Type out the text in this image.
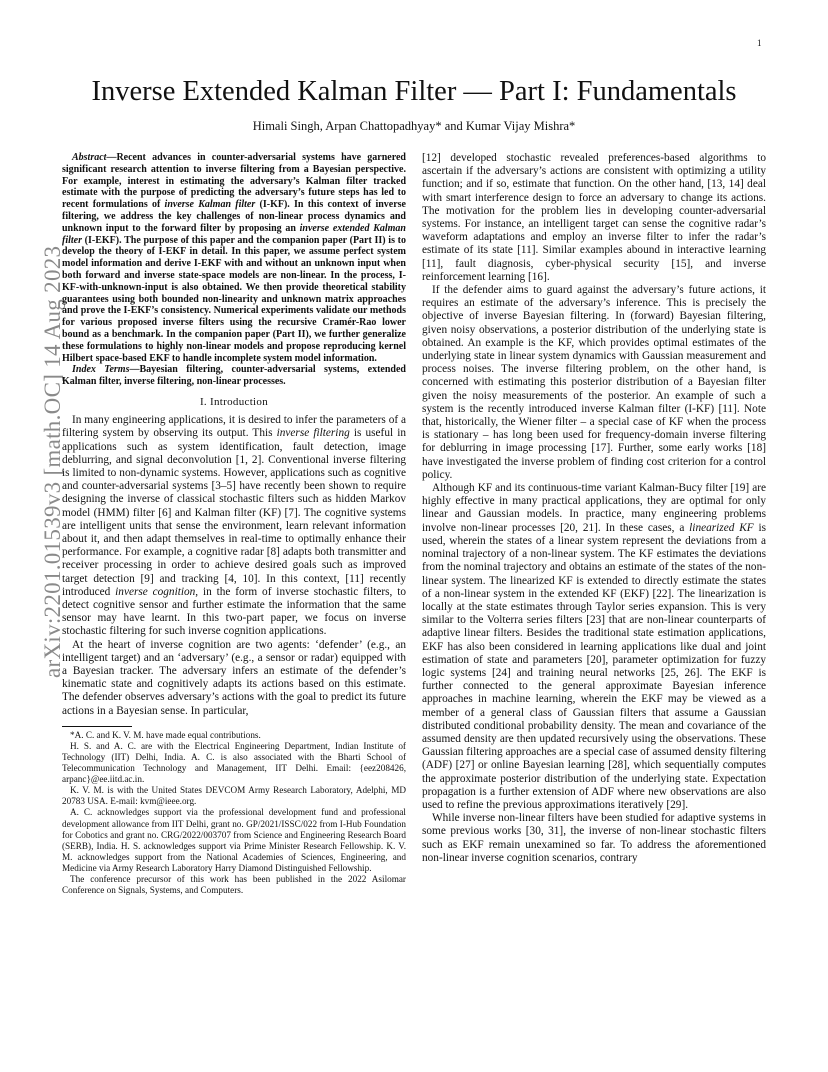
1
arXiv:2201.01539v3 [math.OC] 14 Aug 2023
Inverse Extended Kalman Filter — Part I: Fundamentals
Himali Singh, Arpan Chattopadhyay* and Kumar Vijay Mishra*

Abstract—Recent advances in counter-adversarial systems have garnered significant research attention to inverse filtering from a Bayesian perspective. For example, interest in estimating the adversary’s Kalman filter tracked estimate with the purpose of predicting the adversary’s future steps has led to recent formulations of inverse Kalman filter (I-KF). In this context of inverse filtering, we address the key challenges of non-linear process dynamics and unknown input to the forward filter by proposing an inverse extended Kalman filter (I-EKF). The purpose of this paper and the companion paper (Part II) is to develop the theory of I-EKF in detail. In this paper, we assume perfect system model information and derive I-EKF with and without an unknown input when both forward and inverse state-space models are non-linear. In the process, I-KF-with-unknown-input is also obtained. We then provide theoretical stability guarantees using both bounded non-linearity and unknown matrix approaches and prove the I-EKF’s consistency. Numerical experiments validate our methods for various proposed inverse filters using the recursive Cramér-Rao lower bound as a benchmark. In the companion paper (Part II), we further generalize these formulations to highly non-linear models and propose reproducing kernel Hilbert space-based EKF to handle incomplete system model information.

Index Terms—Bayesian filtering, counter-adversarial systems, extended Kalman filter, inverse filtering, non-linear processes.

I. Introduction

In many engineering applications, it is desired to infer the parameters of a filtering system by observing its output. This inverse filtering is useful in applications such as system identification, fault detection, image deblurring, and signal deconvolution [1, 2]. Conventional inverse filtering is limited to non-dynamic systems. However, applications such as cognitive and counter-adversarial systems [3–5] have recently been shown to require designing the inverse of classical stochastic filters such as hidden Markov model (HMM) filter [6] and Kalman filter (KF) [7]. The cognitive systems are intelligent units that sense the environment, learn relevant information about it, and then adapt themselves in real-time to optimally enhance their performance. For example, a cognitive radar [8] adapts both transmitter and receiver processing in order to achieve desired goals such as improved target detection [9] and tracking [4, 10]. In this context, [11] recently introduced inverse cognition, in the form of inverse stochastic filters, to detect cognitive sensor and further estimate the information that the same sensor may have learnt. In this two-part paper, we focus on inverse stochastic filtering for such inverse cognition applications.

At the heart of inverse cognition are two agents: ‘defender’ (e.g., an intelligent target) and an ‘adversary’ (e.g., a sensor or radar) equipped with a Bayesian tracker. The adversary infers an estimate of the defender’s kinematic state and cognitively adapts its actions based on this estimate. The defender observes adversary’s actions with the goal to predict its future actions in a Bayesian sense. In particular,

*A. C. and K. V. M. have made equal contributions.

H. S. and A. C. are with the Electrical Engineering Department, Indian Institute of Technology (IIT) Delhi, India. A. C. is also associated with the Bharti School of Telecommunication Technology and Management, IIT Delhi. Email: {eez208426, arpanc}@ee.iitd.ac.in.

K. V. M. is with the United States DEVCOM Army Research Laboratory, Adelphi, MD 20783 USA. E-mail: kvm@ieee.org.

A. C. acknowledges support via the professional development fund and professional development allowance from IIT Delhi, grant no. GP/2021/ISSC/022 from I-Hub Foundation for Cobotics and grant no. CRG/2022/003707 from Science and Engineering Research Board (SERB), India. H. S. acknowledges support via Prime Minister Research Fellowship. K. V. M. acknowledges support from the National Academies of Sciences, Engineering, and Medicine via Army Research Laboratory Harry Diamond Distinguished Fellowship.

The conference precursor of this work has been published in the 2022 Asilomar Conference on Signals, Systems, and Computers.

[12] developed stochastic revealed preferences-based algorithms to ascertain if the adversary’s actions are consistent with optimizing a utility function; and if so, estimate that function. On the other hand, [13, 14] deal with smart interference design to force an adversary to change its actions. The motivation for the problem lies in developing counter-adversarial systems. For instance, an intelligent target can sense the cognitive radar’s waveform adaptations and employ an inverse filter to infer the radar’s estimate of its state [11]. Similar examples abound in interactive learning [11], fault diagnosis, cyber-physical security [15], and inverse reinforcement learning [16].

If the defender aims to guard against the adversary’s future actions, it requires an estimate of the adversary’s inference. This is precisely the objective of inverse Bayesian filtering. In (forward) Bayesian filtering, given noisy observations, a posterior distribution of the underlying state is obtained. An example is the KF, which provides optimal estimates of the underlying state in linear system dynamics with Gaussian measurement and process noises. The inverse filtering problem, on the other hand, is concerned with estimating this posterior distribution of a Bayesian filter given the noisy measurements of the posterior. An example of such a system is the recently introduced inverse Kalman filter (I-KF) [11]. Note that, historically, the Wiener filter – a special case of KF when the process is stationary – has long been used for frequency-domain inverse filtering for deblurring in image processing [17]. Further, some early works [18] have investigated the inverse problem of finding cost criterion for a control policy.

Although KF and its continuous-time variant Kalman-Bucy filter [19] are highly effective in many practical applications, they are optimal for only linear and Gaussian models. In practice, many engineering problems involve non-linear processes [20, 21]. In these cases, a linearized KF is used, wherein the states of a linear system represent the deviations from a nominal trajectory of a non-linear system. The KF estimates the deviations from the nominal trajectory and obtains an estimate of the states of the non-linear system. The linearized KF is extended to directly estimate the states of a non-linear system in the extended KF (EKF) [22]. The linearization is locally at the state estimates through Taylor series expansion. This is very similar to the Volterra series filters [23] that are non-linear counterparts of adaptive linear filters. Besides the traditional state estimation applications, EKF has also been considered in learning applications like dual and joint estimation of state and parameters [20], parameter optimization for fuzzy logic systems [24] and training neural networks [25, 26]. The EKF is further connected to the general approximate Bayesian inference approaches in machine learning, wherein the EKF may be viewed as a member of a general class of Gaussian filters that assume a Gaussian distributed conditional probability density. The mean and covariance of the assumed density are then updated recursively using the observations. These Gaussian filtering approaches are a special case of assumed density filtering (ADF) [27] or online Bayesian learning [28], which sequentially computes the approximate posterior distribution of the underlying state. Expectation propagation is a further extension of ADF where new observations are also used to refine the previous approximations iteratively [29].

While inverse non-linear filters have been studied for adaptive systems in some previous works [30, 31], the inverse of non-linear stochastic filters such as EKF remain unexamined so far. To address the aforementioned non-linear inverse cognition scenarios, contrary
